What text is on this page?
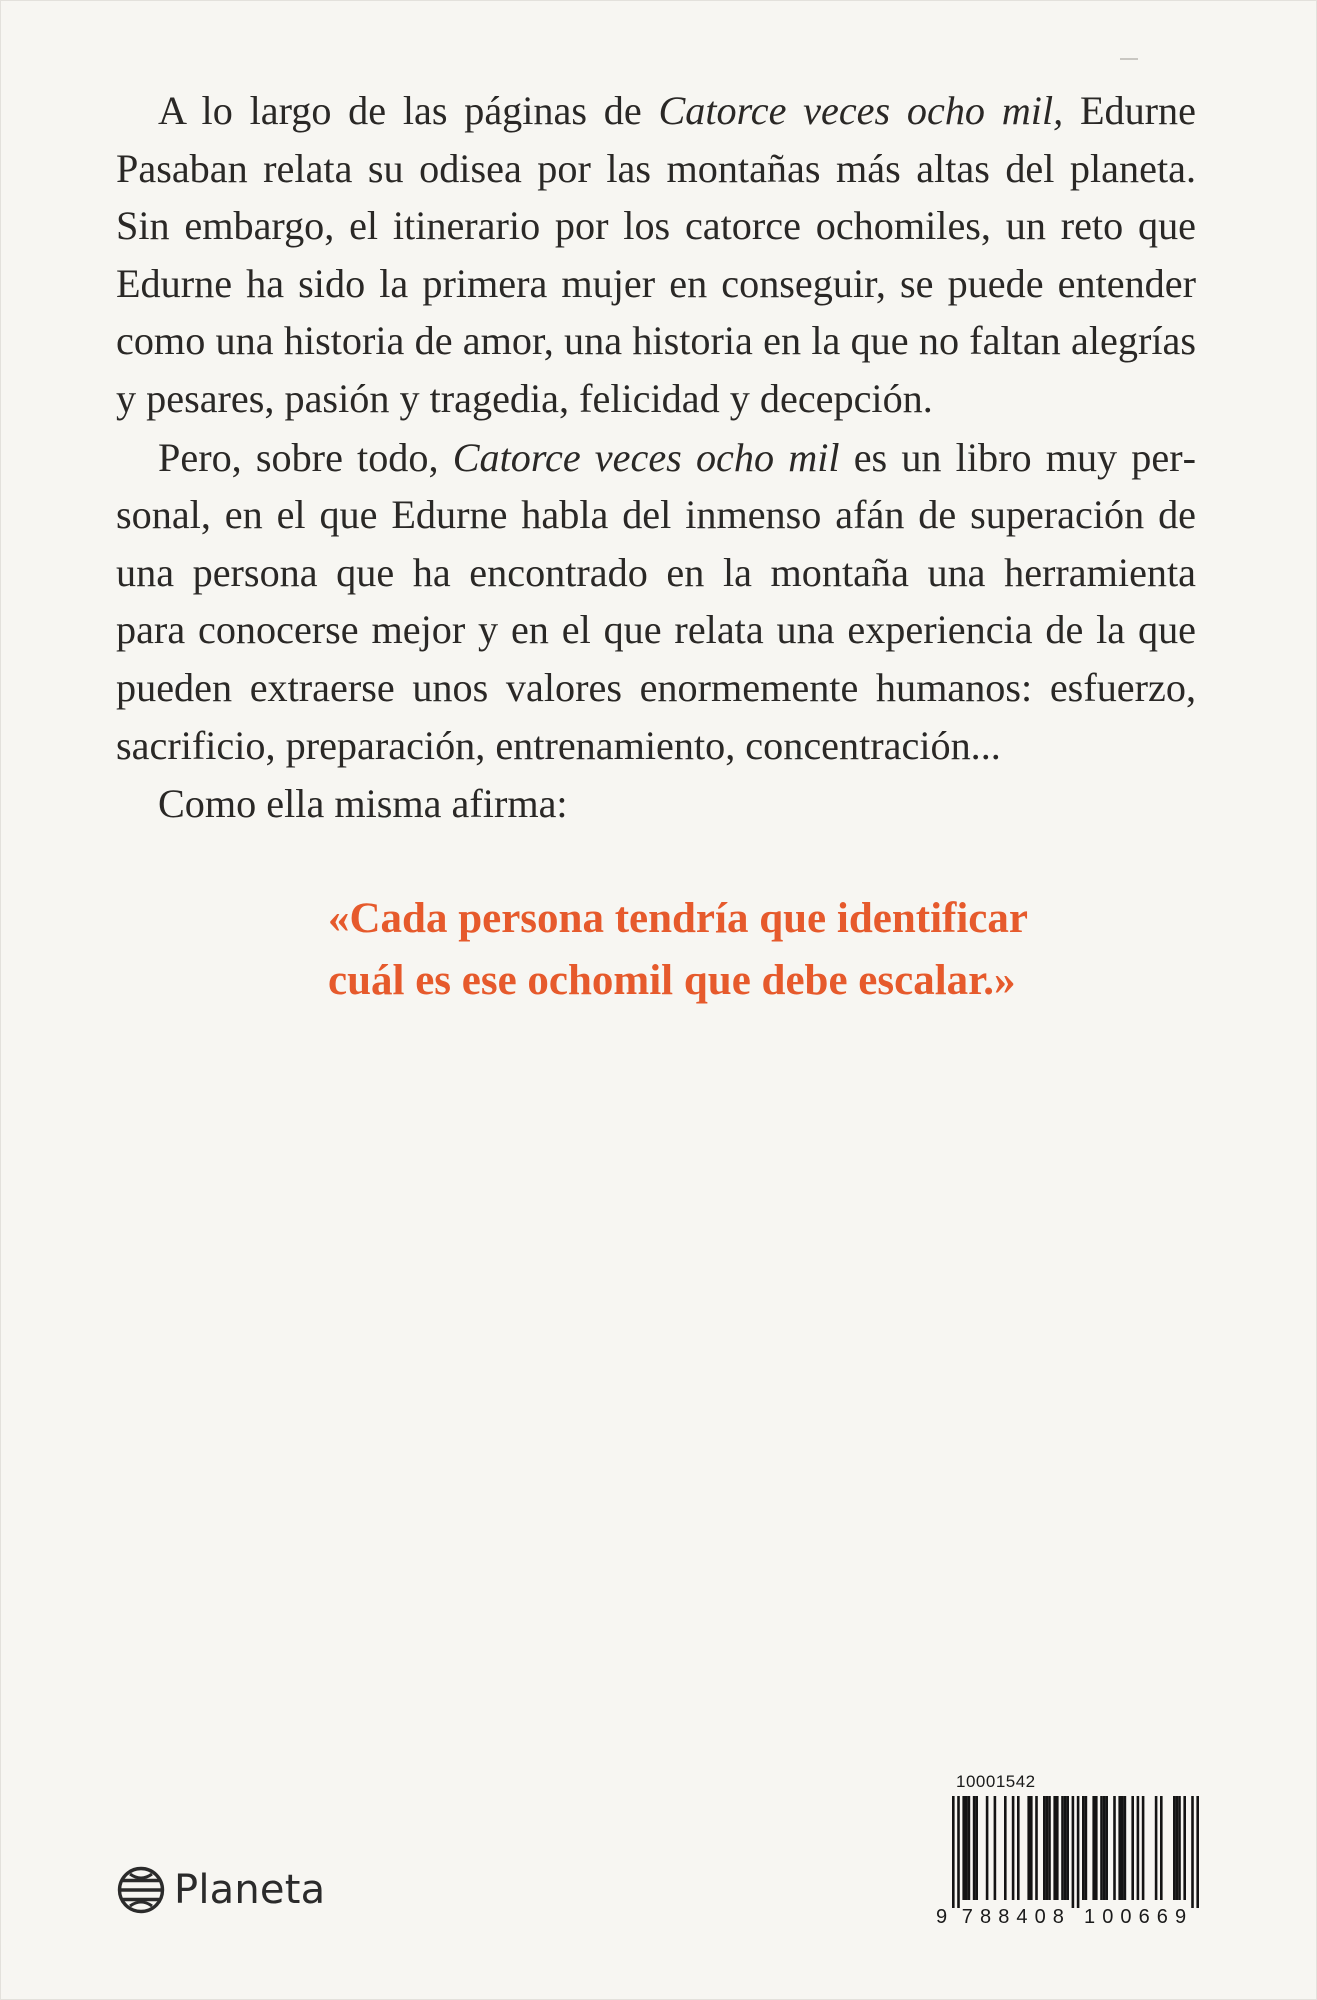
A lo largo de las páginas de Catorce veces ocho mil, Edurne Pasaban relata su odisea por las montañas más altas del planeta. Sin embargo, el itinerario por los catorce ochomiles, un reto que Edurne ha sido la primera mujer en conseguir, se puede entender como una historia de amor, una historia en la que no faltan alegrías y pesares, pasión y tragedia, felicidad y decepción.

Pero, sobre todo, Catorce veces ocho mil es un libro muy personal, en el que Edurne habla del inmenso afán de superación de una persona que ha encontrado en la montaña una herramienta para conocerse mejor y en el que relata una experiencia de la que pueden extraerse unos valores enormemente humanos: esfuerzo, sacrificio, preparación, entrenamiento, concentración...

Como ella misma afirma:

«Cada persona tendría que identificar
cuál es ese ochomil que debe escalar.»
Planeta
10001542
9 7 8 8 4 0 8 1 0 0 6 6 9
